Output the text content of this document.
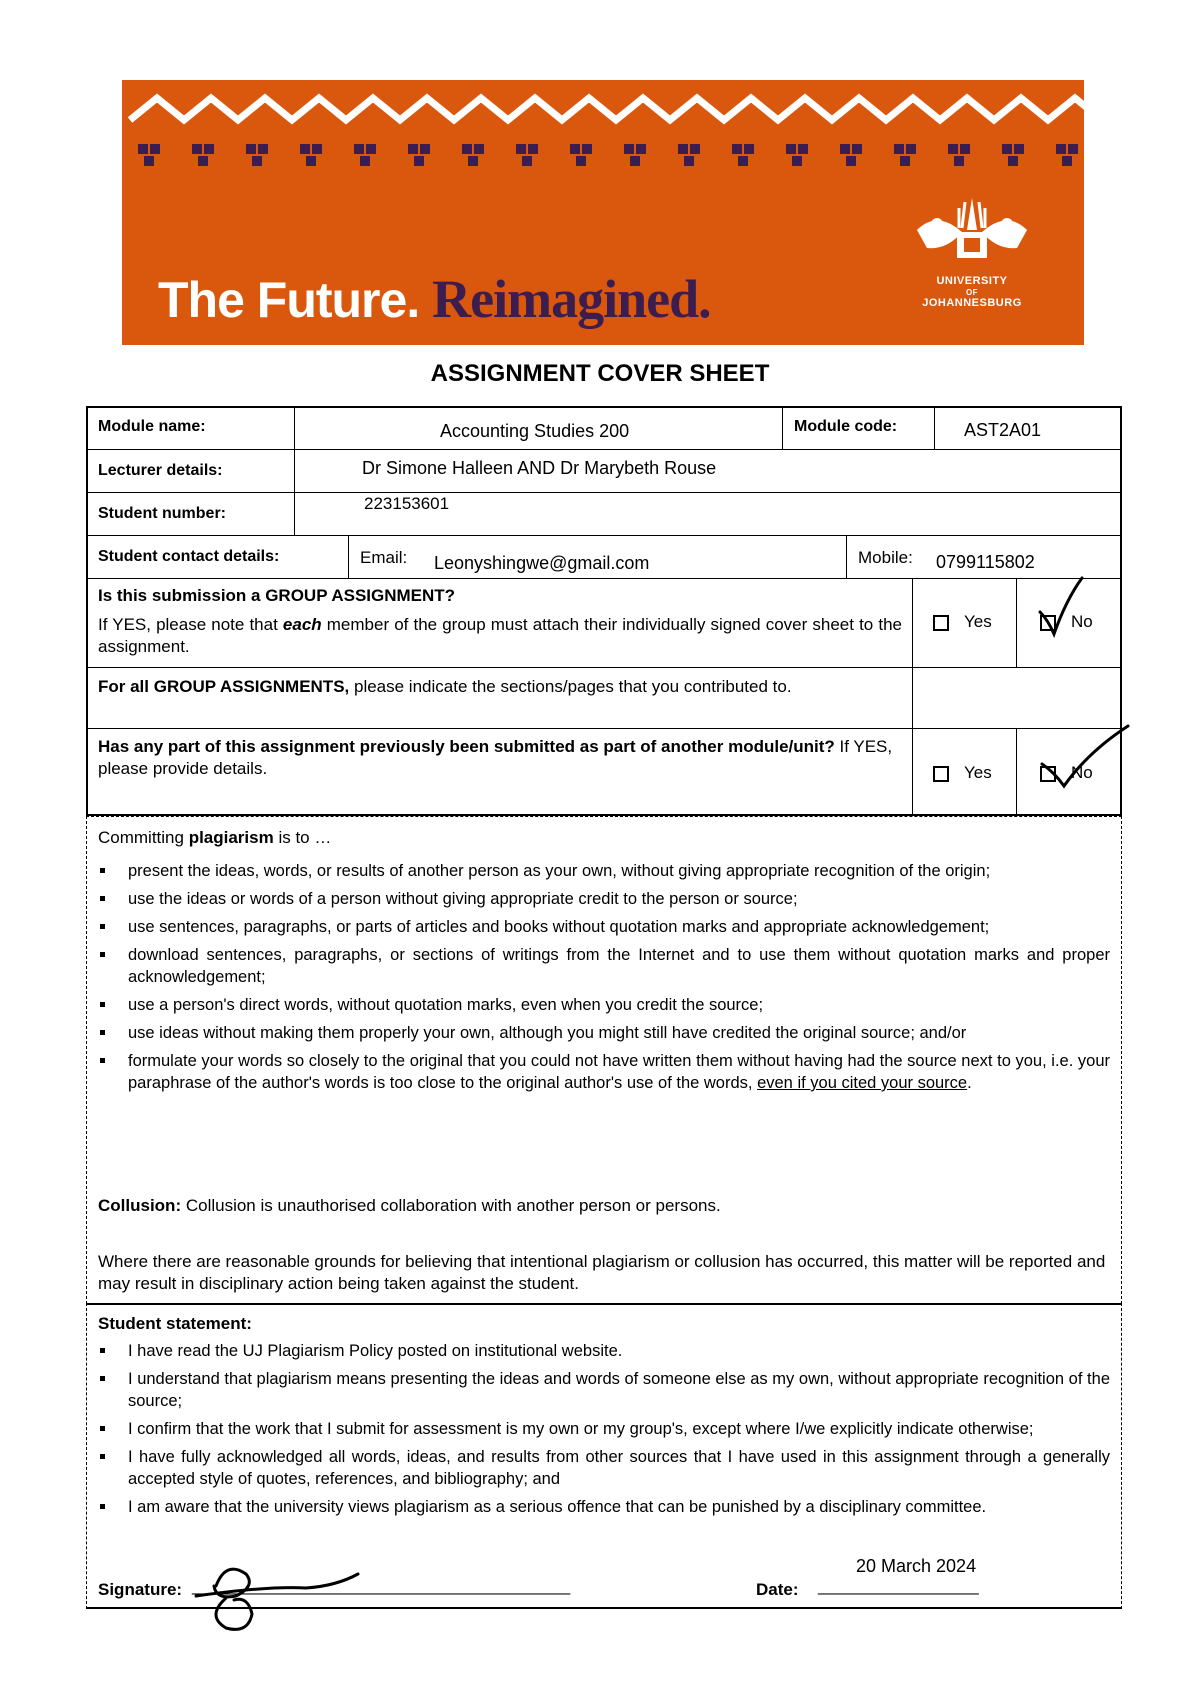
The Future. Reimagined.	UNIVERSITY
OF
JOHANNESBURG
ASSIGNMENT COVER SHEET
Module name:	Accounting Studies 200	Module code:	AST2A01
Lecturer details:	Dr Simone Halleen AND Dr Marybeth Rouse
Student number:
223153601
Student contact details:	Email: Leonyshingwe@gmail.com	Mobile: 0799115802
Is this submission a GROUP ASSIGNMENT?
If YES, please note that each member of the group must attach their individually signed cover sheet to the assignment.
Yes	No
For all GROUP ASSIGNMENTS, please indicate the sections/pages that you contributed to.
Has any part of this assignment previously been submitted as part of another module/unit? If YES, please provide details.	Yes	No
Committing plagiarism is to …
present the ideas, words, or results of another person as your own, without giving appropriate recognition of the origin;
use the ideas or words of a person without giving appropriate credit to the person or source;
use sentences, paragraphs, or parts of articles and books without quotation marks and appropriate acknowledgement;
download sentences, paragraphs, or sections of writings from the Internet and to use them without quotation marks and proper acknowledgement;
use a person's direct words, without quotation marks, even when you credit the source;
use ideas without making them properly your own, although you might still have credited the original source; and/or
formulate your words so closely to the original that you could not have written them without having had the source next to you, i.e. your paraphrase of the author's words is too close to the original author's use of the words, even if you cited your source.
Collusion: Collusion is unauthorised collaboration with another person or persons.
Where there are reasonable grounds for believing that intentional plagiarism or collusion has occurred, this matter will be reported and may result in disciplinary action being taken against the student.
Student statement:
I have read the UJ Plagiarism Policy posted on institutional website.
I understand that plagiarism means presenting the ideas and words of someone else as my own, without appropriate recognition of the source;
I confirm that the work that I submit for assessment is my own or my group's, except where I/we explicitly indicate otherwise;
I have fully acknowledged all words, ideas, and results from other sources that I have used in this assignment through a generally accepted style of quotes, references, and bibliography; and
I am aware that the university views plagiarism as a serious offence that can be punished by a disciplinary committee.
20 March 2024
Signature: ________________________________________	Date: _________________
